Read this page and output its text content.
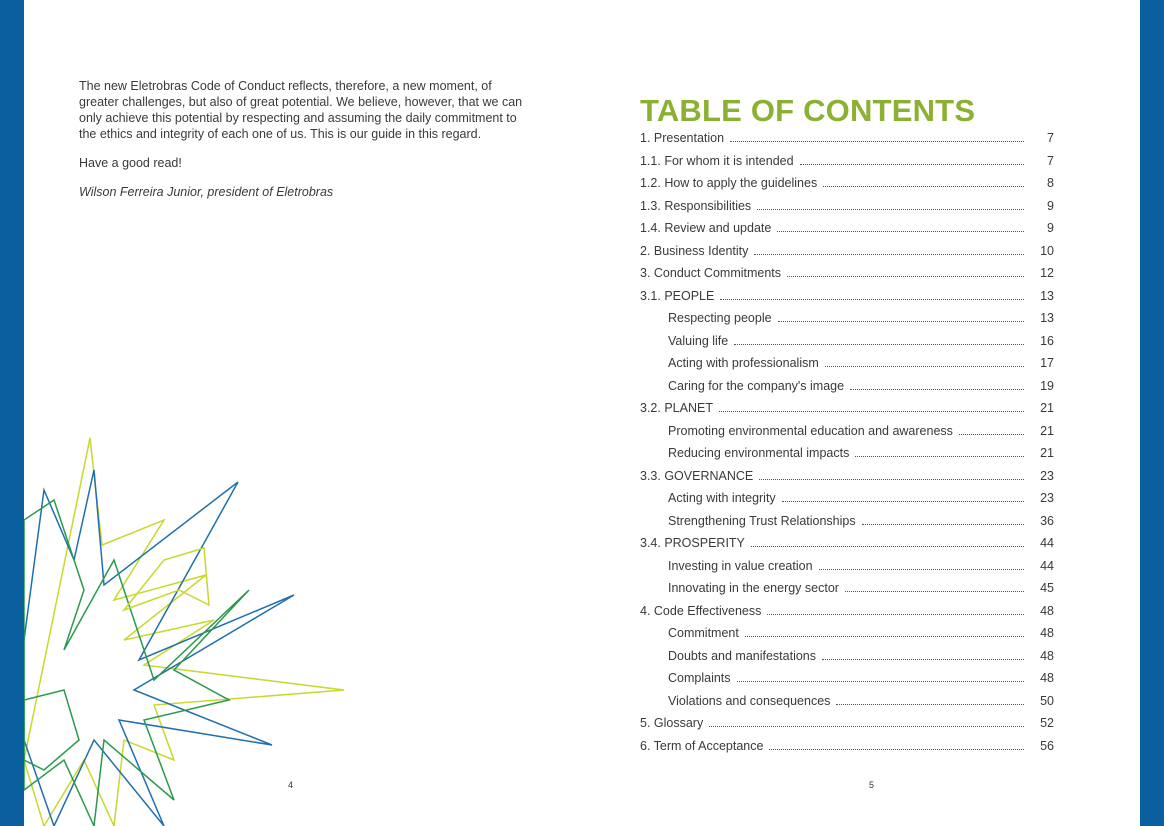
The new Eletrobras Code of Conduct reflects, therefore, a new moment, of greater challenges, but also of great potential. We believe, however, that we can only achieve this potential by respecting and assuming the daily commitment to the ethics and integrity of each one of us. This is our guide in this regard.

Have a good read!

Wilson Ferreira Junior, president of Eletrobras

4
TABLE OF CONTENTS
1. Presentation	7
1.1. For whom it is intended	7
1.2. How to apply the guidelines	8
1.3. Responsibilities	9
1.4. Review and update	9
2. Business Identity	10
3. Conduct Commitments	12
3.1. PEOPLE	13
Respecting people	13
Valuing life	16
Acting with professionalism	17
Caring for the company's image	19
3.2. PLANET	21
Promoting environmental education and awareness	21
Reducing environmental impacts	21
3.3. GOVERNANCE	23
Acting with integrity	23
Strengthening Trust Relationships	36
3.4. PROSPERITY	44
Investing in value creation	44
Innovating in the energy sector	45
4. Code Effectiveness	48
Commitment	48
Doubts and manifestations	48
Complaints	48
Violations and consequences	50
5. Glossary	52
6. Term of Acceptance	56
5
